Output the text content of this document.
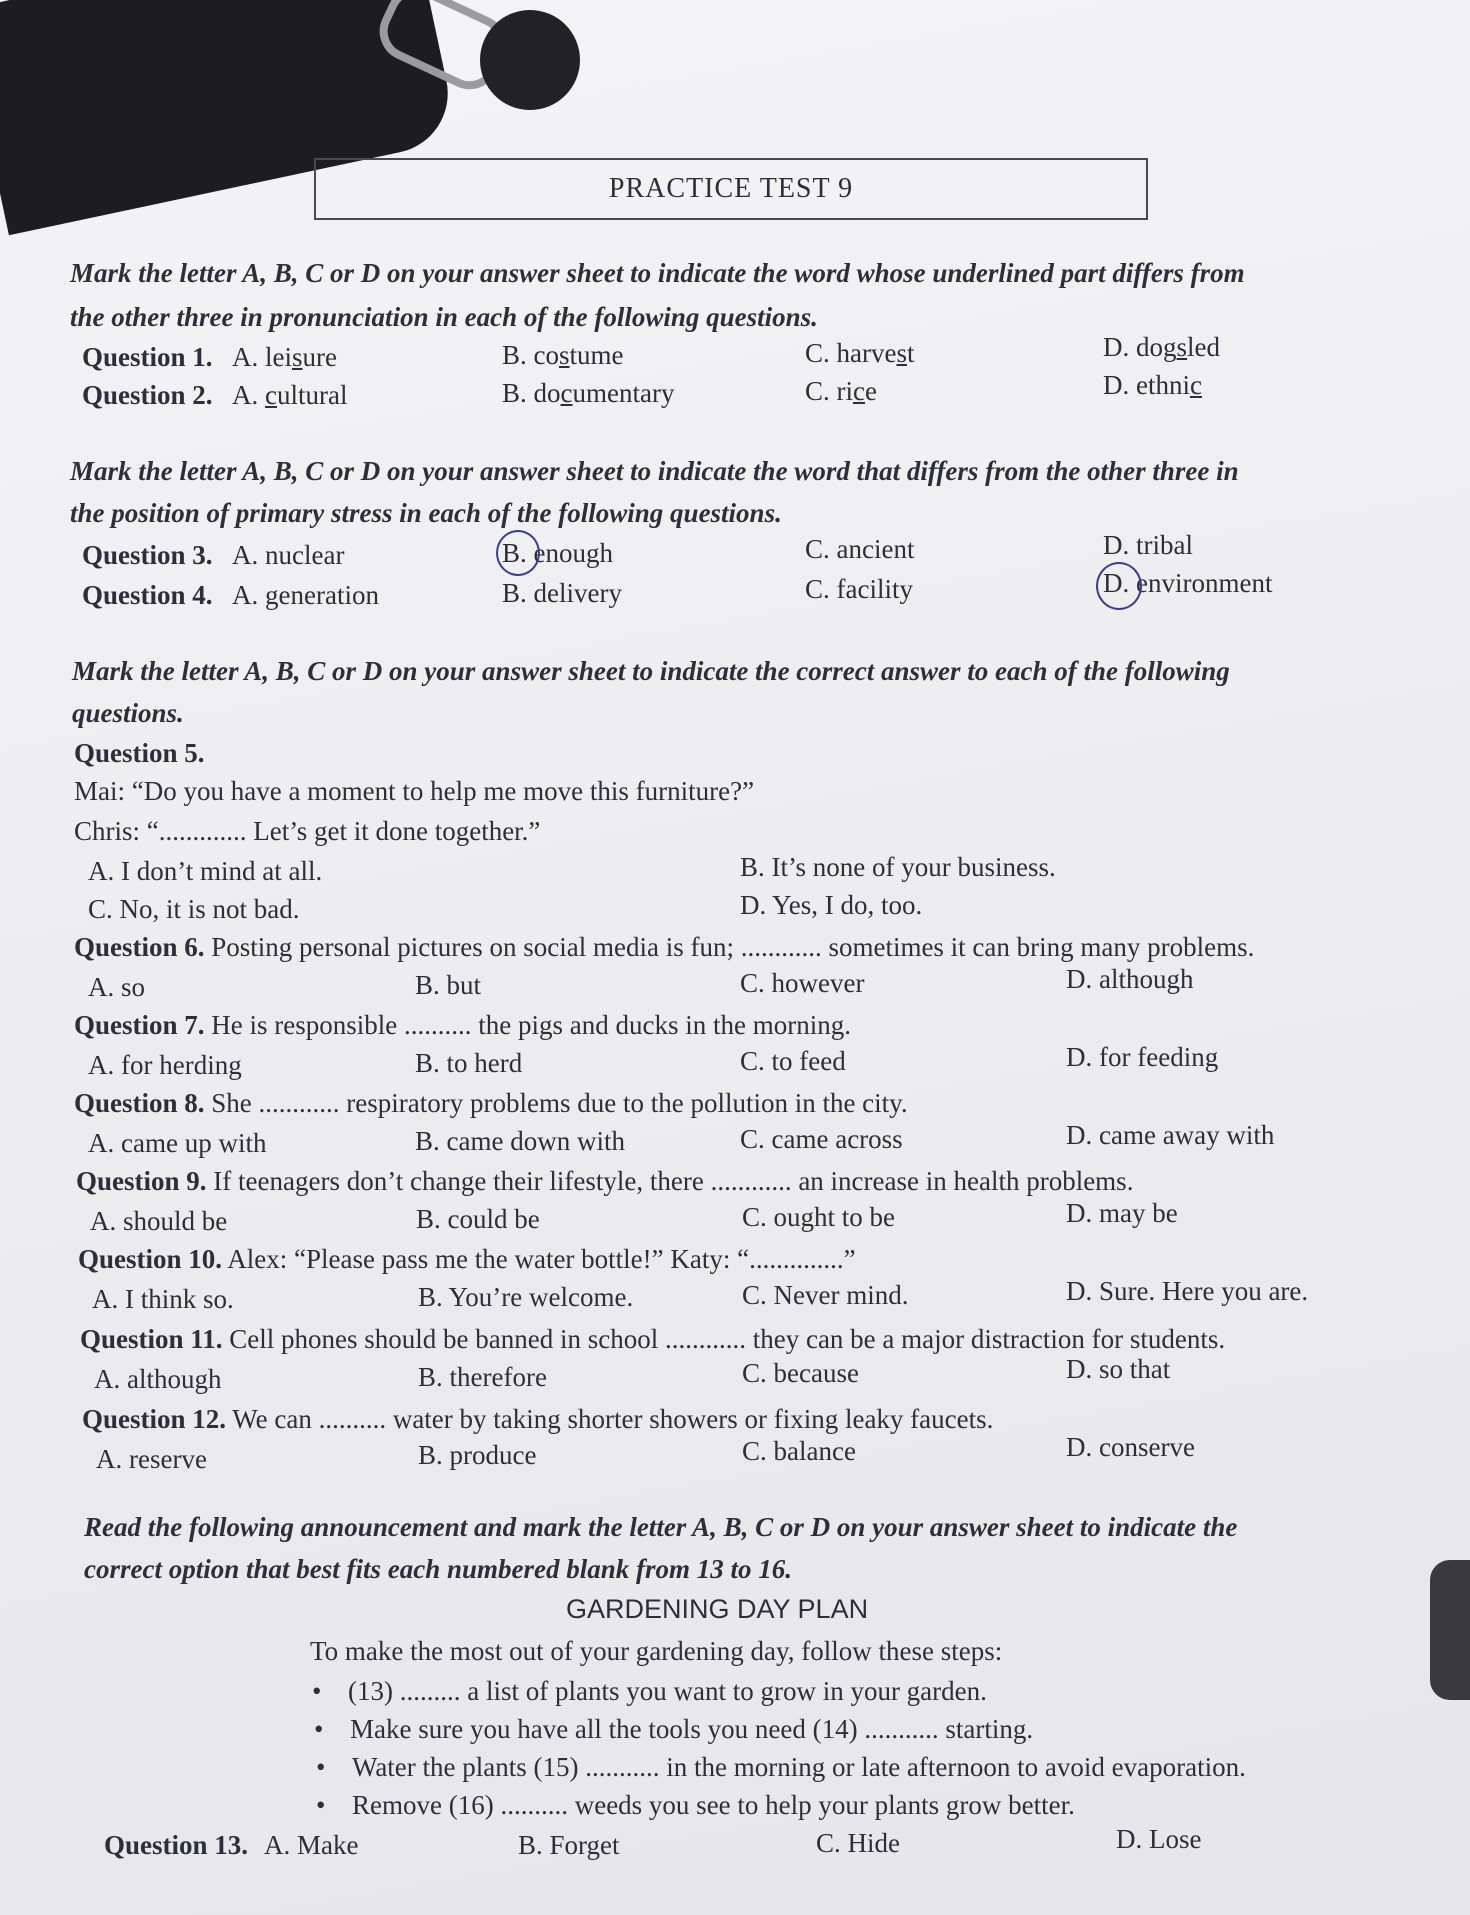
PRACTICE TEST 9
Mark the letter A, B, C or D on your answer sheet to indicate the word whose underlined part differs from
the other three in pronunciation in each of the following questions.
Question 1. A. leisure	B. costume	C. harvest	D. dogsled
Question 2. A. cultural	B. documentary	C. rice	D. ethnic
Mark the letter A, B, C or D on your answer sheet to indicate the word that differs from the other three in
the position of primary stress in each of the following questions.
Question 3. A. nuclear	B. enough	C. ancient	D. tribal
Question 4. A. generation	B. delivery	C. facility	D. environment
Mark the letter A, B, C or D on your answer sheet to indicate the correct answer to each of the following
questions.
Question 5.
Mai: “Do you have a moment to help me move this furniture?”
Chris: “............. Let’s get it done together.”
A. I don’t mind at all.	B. It’s none of your business.
C. No, it is not bad.	D. Yes, I do, too.
Question 6. Posting personal pictures on social media is fun; ............ sometimes it can bring many problems.
A. so	B. but	C. however	D. although
Question 7. He is responsible .......... the pigs and ducks in the morning.
A. for herding	B. to herd	C. to feed	D. for feeding
Question 8. She ............ respiratory problems due to the pollution in the city.
A. came up with	B. came down with	C. came across	D. came away with
Question 9. If teenagers don’t change their lifestyle, there ............ an increase in health problems.
A. should be	B. could be	C. ought to be	D. may be
Question 10. Alex: “Please pass me the water bottle!” Katy: “..............”
A. I think so.	B. You’re welcome.	C. Never mind.	D. Sure. Here you are.
Question 11. Cell phones should be banned in school ............ they can be a major distraction for students.
A. although	B. therefore	C. because	D. so that
Question 12. We can .......... water by taking shorter showers or fixing leaky faucets.
A. reserve	B. produce	C. balance	D. conserve
Read the following announcement and mark the letter A, B, C or D on your answer sheet to indicate the
correct option that best fits each numbered blank from 13 to 16.
GARDENING DAY PLAN
To make the most out of your gardening day, follow these steps:
• (13) ......... a list of plants you want to grow in your garden.
• Make sure you have all the tools you need (14) ........... starting.
• Water the plants (15) ........... in the morning or late afternoon to avoid evaporation.
• Remove (16) .......... weeds you see to help your plants grow better.
Question 13. A. Make	B. Forget	C. Hide	D. Lose
